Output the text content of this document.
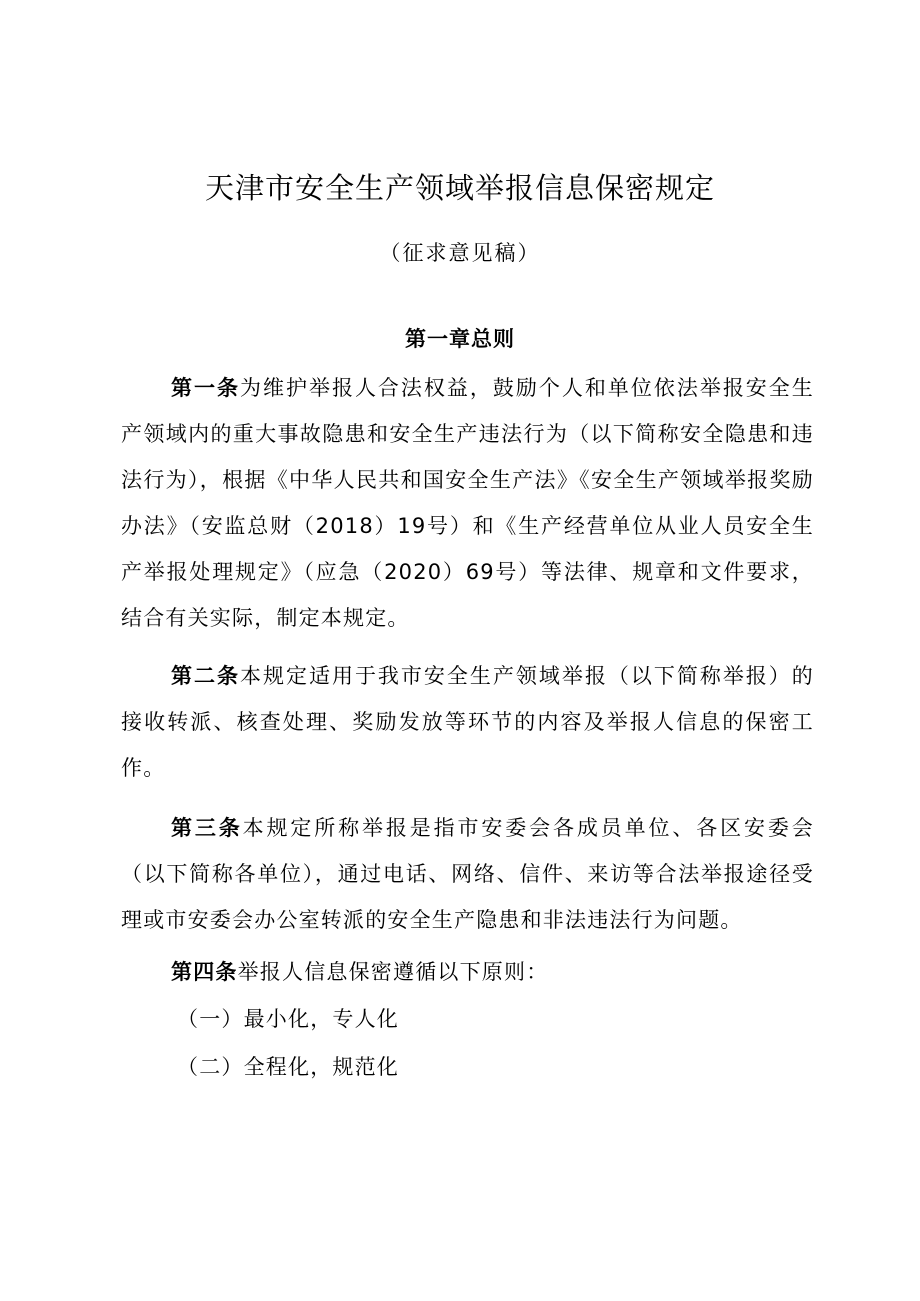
天津市安全生产领域举报信息保密规定
（征求意见稿）
第一章总则

第一条为维护举报人合法权益，鼓励个人和单位依法举报安全生产领域内的重大事故隐患和安全生产违法行为（以下简称安全隐患和违法行为），根据《中华人民共和国安全生产法》《安全生产领域举报奖励办法》（安监总财（2018）19号）和《生产经营单位从业人员安全生产举报处理规定》（应急（2020）69号）等法律、规章和文件要求，结合有关实际，制定本规定。

第二条本规定适用于我市安全生产领域举报（以下简称举报）的接收转派、核查处理、奖励发放等环节的内容及举报人信息的保密工作。

第三条本规定所称举报是指市安委会各成员单位、各区安委会（以下简称各单位），通过电话、网络、信件、来访等合法举报途径受理或市安委会办公室转派的安全生产隐患和非法违法行为问题。

第四条举报人信息保密遵循以下原则：

（一）最小化，专人化
（二）全程化，规范化
